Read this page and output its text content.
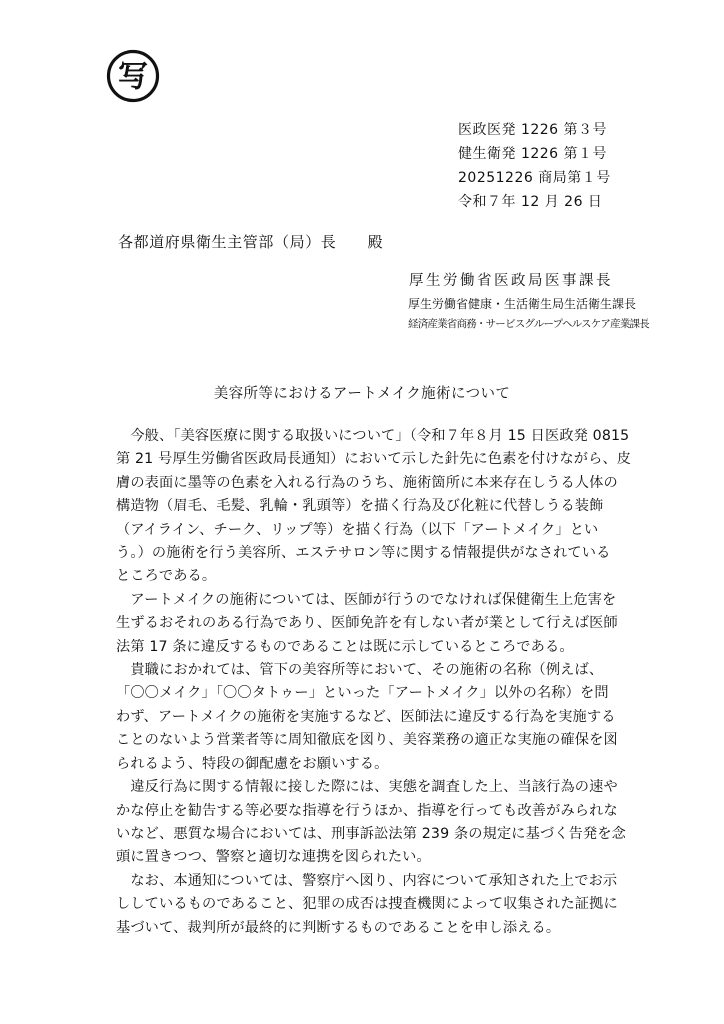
写
医政医発 1226 第３号
健生衛発 1226 第１号
20251226 商局第１号
令和７年 12 月 26 日
各都道府県衛生主管部（局）長　　殿
厚生労働省医政局医事課長
厚生労働省健康・生活衛生局生活衛生課長
経済産業省商務・サービスグループヘルスケア産業課長
美容所等におけるアートメイク施術について

　今般、「美容医療に関する取扱いについて」（令和７年８月 15 日医政発 0815
第 21 号厚生労働省医政局長通知）において示した針先に色素を付けながら、皮
膚の表面に墨等の色素を入れる行為のうち、施術箇所に本来存在しうる人体の
構造物（眉毛、毛髪、乳輪・乳頭等）を描く行為及び化粧に代替しうる装飾
（アイライン、チーク、リップ等）を描く行為（以下「アートメイク」とい
う。）の施術を行う美容所、エステサロン等に関する情報提供がなされている
ところである。

　アートメイクの施術については、医師が行うのでなければ保健衛生上危害を
生ずるおそれのある行為であり、医師免許を有しない者が業として行えば医師
法第 17 条に違反するものであることは既に示しているところである。

　貴職におかれては、管下の美容所等において、その施術の名称（例えば、
「〇〇メイク」「〇〇タトゥー」といった「アートメイク」以外の名称）を問
わず、アートメイクの施術を実施するなど、医師法に違反する行為を実施する
ことのないよう営業者等に周知徹底を図り、美容業務の適正な実施の確保を図
られるよう、特段の御配慮をお願いする。

　違反行為に関する情報に接した際には、実態を調査した上、当該行為の速や
かな停止を勧告する等必要な指導を行うほか、指導を行っても改善がみられな
いなど、悪質な場合においては、刑事訴訟法第 239 条の規定に基づく告発を念
頭に置きつつ、警察と適切な連携を図られたい。

　なお、本通知については、警察庁へ図り、内容について承知された上でお示
ししているものであること、犯罪の成否は捜査機関によって収集された証拠に
基づいて、裁判所が最終的に判断するものであることを申し添える。
